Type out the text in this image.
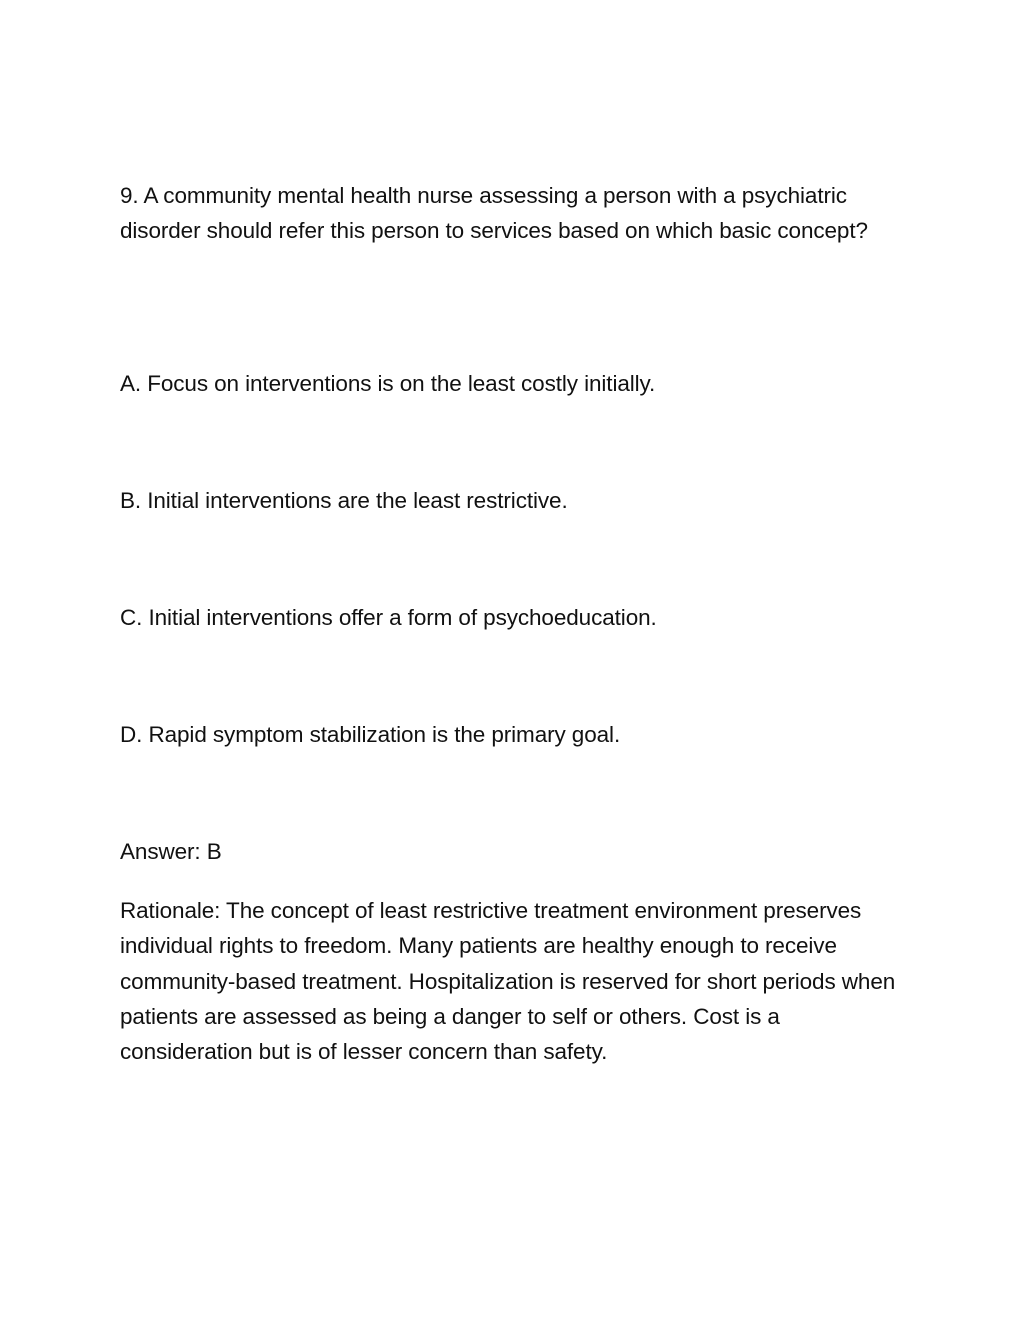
9. A community mental health nurse assessing a person with a psychiatric disorder should refer this person to services based on which basic concept?
A. Focus on interventions is on the least costly initially.
B. Initial interventions are the least restrictive.
C. Initial interventions offer a form of psychoeducation.
D. Rapid symptom stabilization is the primary goal.
Answer: B
Rationale: The concept of least restrictive treatment environment preserves individual rights to freedom. Many patients are healthy enough to receive community-based treatment. Hospitalization is reserved for short periods when patients are assessed as being a danger to self or others. Cost is a consideration but is of lesser concern than safety.
